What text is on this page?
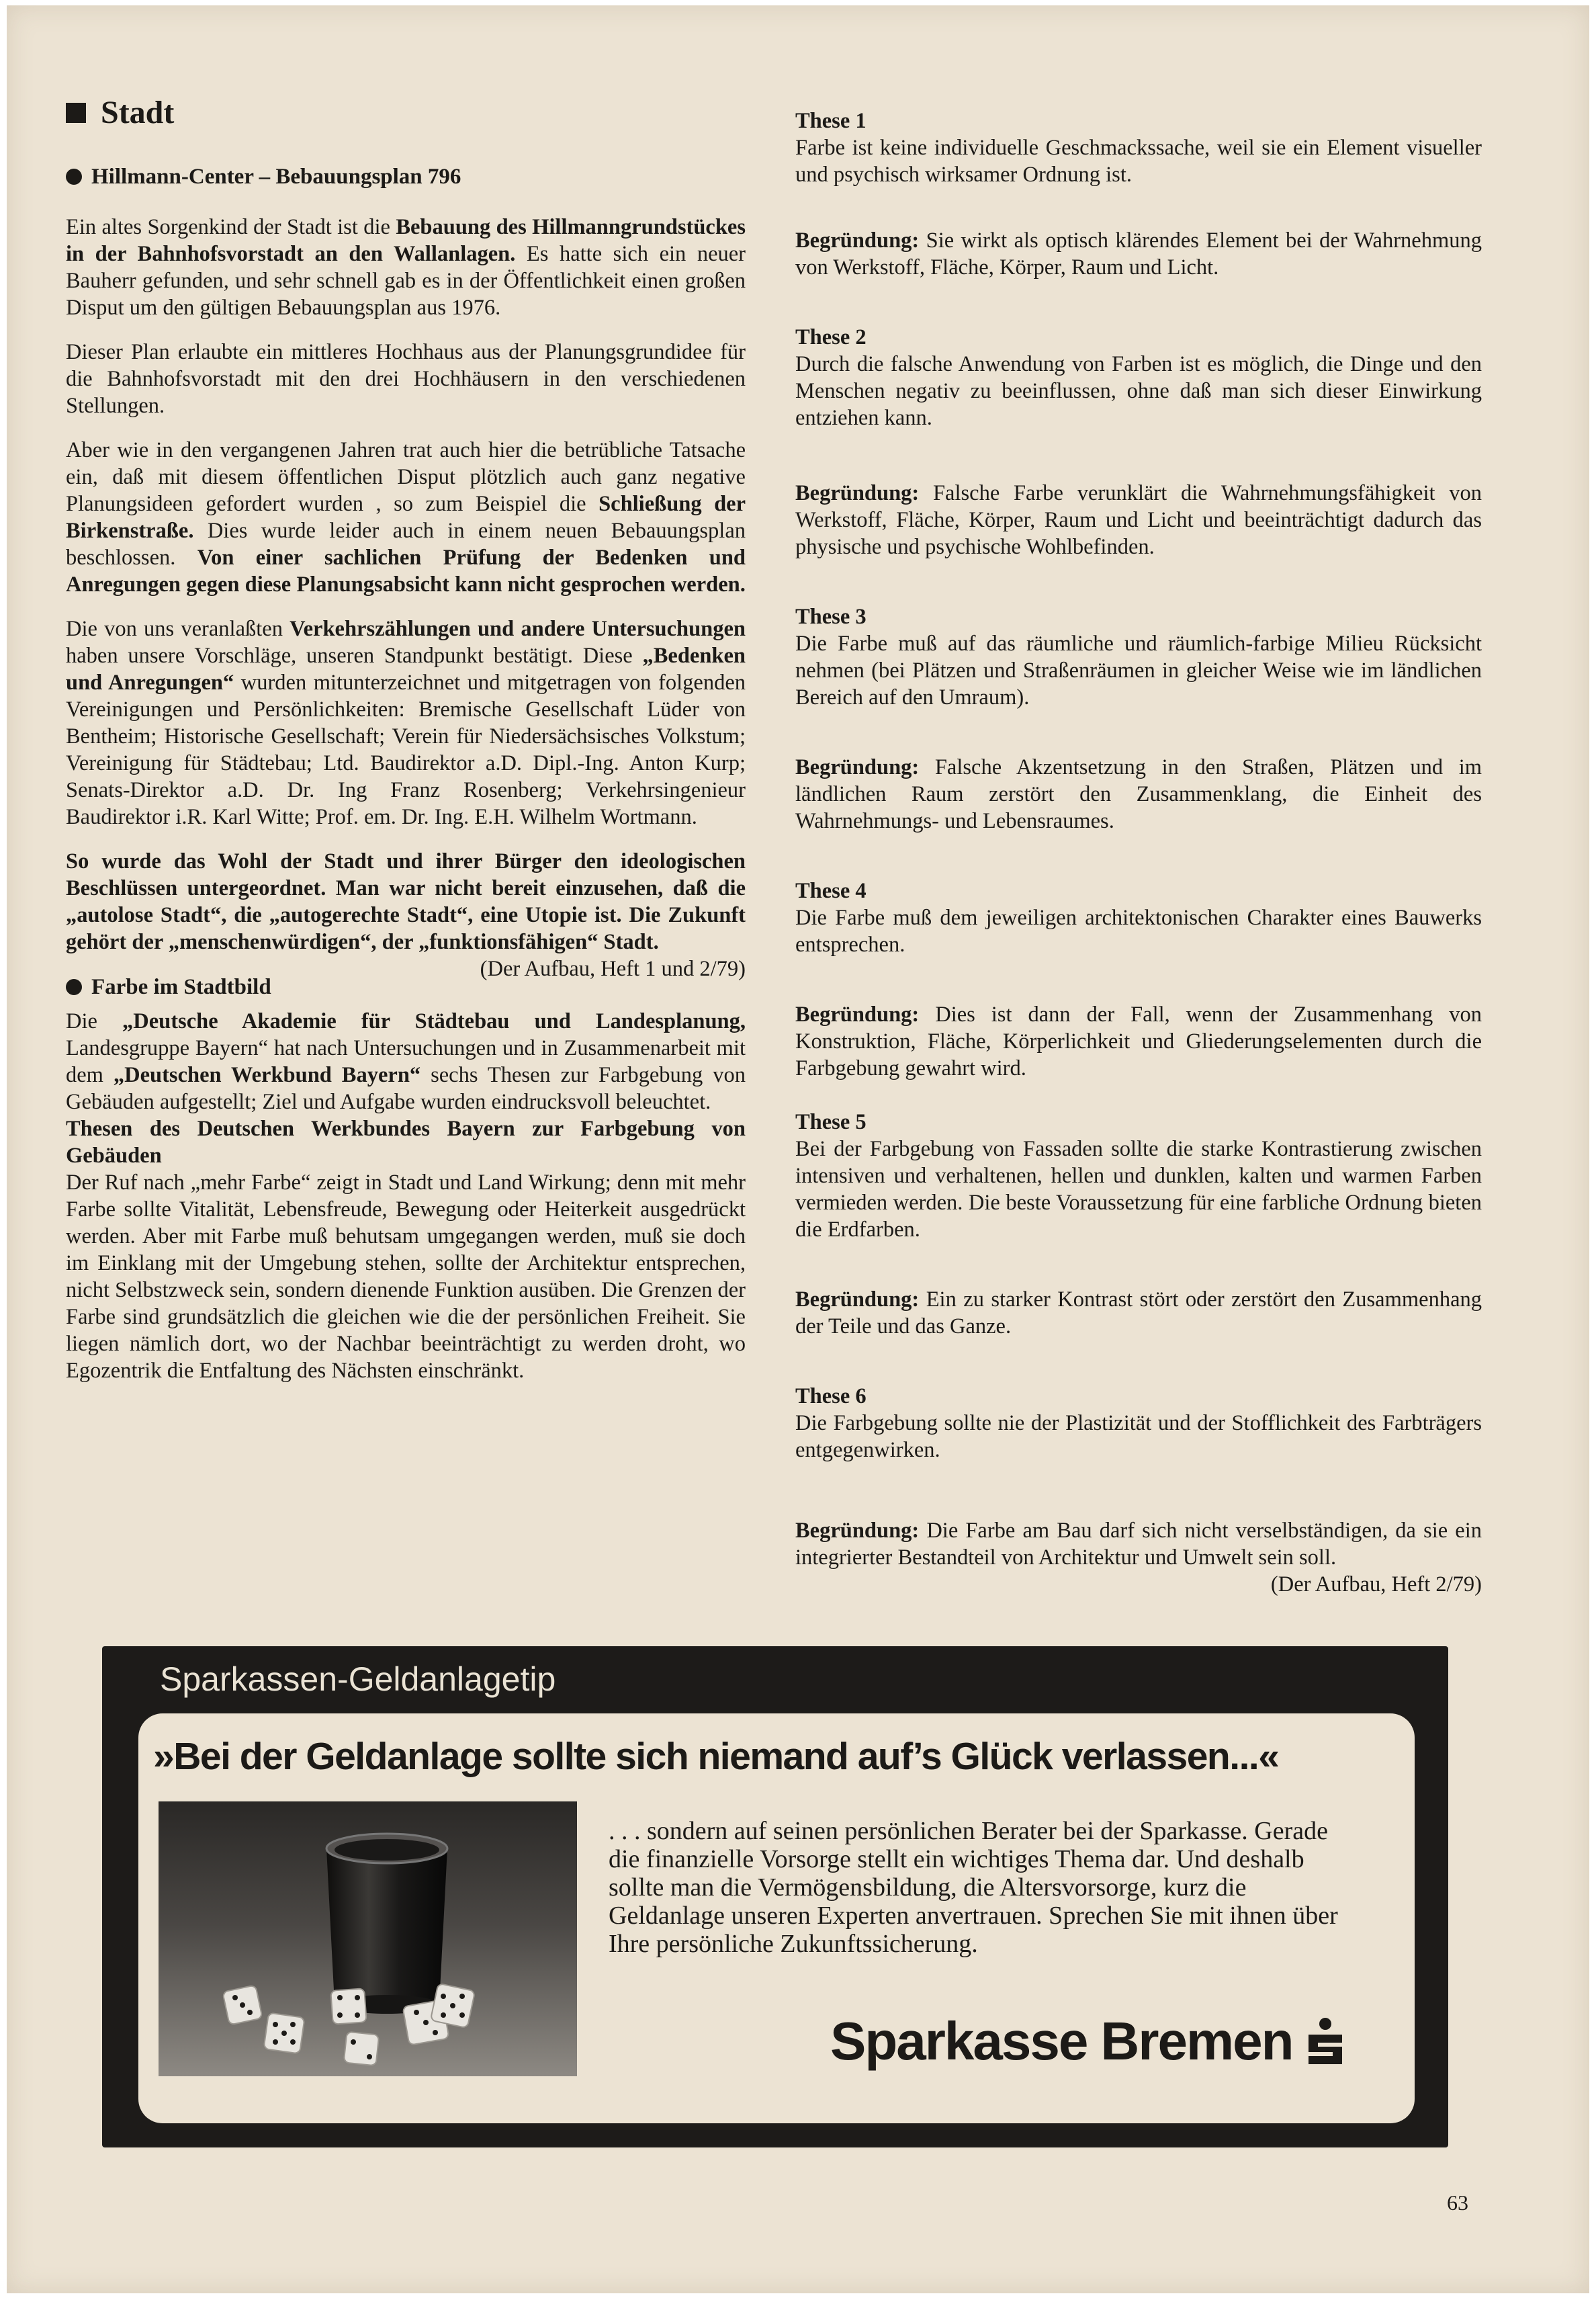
Stadt
Hillmann-Center – Bebauungsplan 796

Ein altes Sorgenkind der Stadt ist die Bebauung des Hillmanngrundstückes in der Bahnhofsvorstadt an den Wallanlagen. Es hatte sich ein neuer Bauherr gefunden, und sehr schnell gab es in der Öffentlichkeit einen großen Disput um den gültigen Bebauungsplan aus 1976.

Dieser Plan erlaubte ein mittleres Hochhaus aus der Planungsgrundidee für die Bahnhofsvorstadt mit den drei Hochhäusern in den verschiedenen Stellungen.

Aber wie in den vergangenen Jahren trat auch hier die betrübliche Tatsache ein, daß mit diesem öffentlichen Disput plötzlich auch ganz negative Planungsideen gefordert wurden , so zum Beispiel die Schließung der Birkenstraße. Dies wurde leider auch in einem neuen Bebauungsplan beschlossen. Von einer sachlichen Prüfung der Bedenken und Anregungen gegen diese Planungsabsicht kann nicht gesprochen werden.

Die von uns veranlaßten Verkehrszählungen und andere Untersuchungen haben unsere Vorschläge, unseren Standpunkt bestätigt. Diese „Bedenken und Anregungen“ wurden mitunterzeichnet und mitgetragen von folgenden Vereinigungen und Persönlichkeiten: Bremische Gesellschaft Lüder von Bentheim; Historische Gesellschaft; Verein für Niedersächsisches Volkstum; Vereinigung für Städtebau; Ltd. Baudirektor a.D. Dipl.-Ing. Anton Kurp; Senats-Direktor a.D. Dr. Ing Franz Rosenberg; Verkehrsingenieur Baudirektor i.R. Karl Witte; Prof. em. Dr. Ing. E.H. Wilhelm Wortmann.

So wurde das Wohl der Stadt und ihrer Bürger den ideologischen Beschlüssen untergeordnet. Man war nicht bereit einzusehen, daß die „autolose Stadt“, die „autogerechte Stadt“, eine Utopie ist. Die Zukunft gehört der „menschenwürdigen“, der „funktionsfähigen“ Stadt.
(Der Aufbau, Heft 1 und 2/79)

Farbe im Stadtbild

Die „Deutsche Akademie für Städtebau und Landesplanung, Landesgruppe Bayern“ hat nach Untersuchungen und in Zusammenarbeit mit dem „Deutschen Werkbund Bayern“ sechs Thesen zur Farbgebung von Gebäuden aufgestellt; Ziel und Aufgabe wurden eindrucksvoll beleuchtet.

Thesen des Deutschen Werkbundes Bayern zur Farbgebung von Gebäuden

Der Ruf nach „mehr Farbe“ zeigt in Stadt und Land Wirkung; denn mit mehr Farbe sollte Vitalität, Lebensfreude, Bewegung oder Heiterkeit ausgedrückt werden. Aber mit Farbe muß behutsam umgegangen werden, muß sie doch im Einklang mit der Umgebung stehen, sollte der Architektur entsprechen, nicht Selbstzweck sein, sondern dienende Funktion ausüben. Die Grenzen der Farbe sind grundsätzlich die gleichen wie die der persönlichen Freiheit. Sie liegen nämlich dort, wo der Nachbar beeinträchtigt zu werden droht, wo Egozentrik die Entfaltung des Nächsten einschränkt.

These 1

Farbe ist keine individuelle Geschmackssache, weil sie ein Element visueller und psychisch wirksamer Ordnung ist.

Begründung: Sie wirkt als optisch klärendes Element bei der Wahrnehmung von Werkstoff, Fläche, Körper, Raum und Licht.

These 2

Durch die falsche Anwendung von Farben ist es möglich, die Dinge und den Menschen negativ zu beeinflussen, ohne daß man sich dieser Einwirkung entziehen kann.

Begründung: Falsche Farbe verunklärt die Wahrnehmungsfähigkeit von Werkstoff, Fläche, Körper, Raum und Licht und beeinträchtigt dadurch das physische und psychische Wohlbefinden.

These 3

Die Farbe muß auf das räumliche und räumlich-farbige Milieu Rücksicht nehmen (bei Plätzen und Straßenräumen in gleicher Weise wie im ländlichen Bereich auf den Umraum).

Begründung: Falsche Akzentsetzung in den Straßen, Plätzen und im ländlichen Raum zerstört den Zusammenklang, die Einheit des Wahrnehmungs- und Lebensraumes.

These 4

Die Farbe muß dem jeweiligen architektonischen Charakter eines Bauwerks entsprechen.

Begründung: Dies ist dann der Fall, wenn der Zusammenhang von Konstruktion, Fläche, Körperlichkeit und Gliederungselementen durch die Farbgebung gewahrt wird.

These 5

Bei der Farbgebung von Fassaden sollte die starke Kontrastierung zwischen intensiven und verhaltenen, hellen und dunklen, kalten und warmen Farben vermieden werden. Die beste Voraussetzung für eine farbliche Ordnung bieten die Erdfarben.

Begründung: Ein zu starker Kontrast stört oder zerstört den Zusammenhang der Teile und das Ganze.

These 6

Die Farbgebung sollte nie der Plastizität und der Stofflichkeit des Farbträgers entgegenwirken.

Begründung: Die Farbe am Bau darf sich nicht verselbständigen, da sie ein integrierter Bestandteil von Architektur und Umwelt sein soll.
(Der Aufbau, Heft 2/79)

Sparkassen-Geldanlagetip
»Bei der Geldanlage sollte sich niemand auf’s Glück verlassen...«
. . . sondern auf seinen persönlichen Berater bei der Sparkasse. Gerade die finanzielle Vorsorge stellt ein wichtiges Thema dar. Und deshalb sollte man die Vermögensbildung, die Altersvorsorge, kurz die Geldanlage unseren Experten anvertrauen. Sprechen Sie mit ihnen über Ihre persönliche Zukunftssicherung.
Sparkasse Bremen
63
